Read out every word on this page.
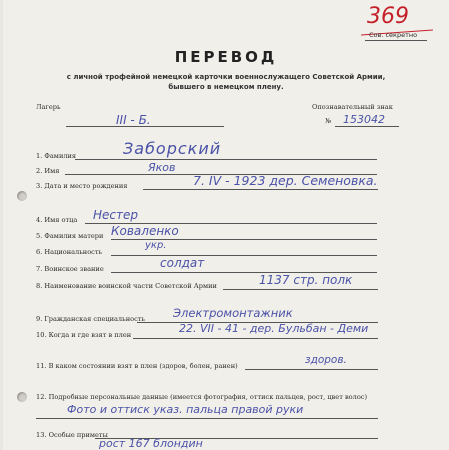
369
Сов. секретно
ПЕРЕВОД
с личной трофейной немецкой карточки военнослужащего Советской Армии,
бывшего в немецком плену.
Лагерь
III - Б.
Опознавательный знак
№ 153042
1. Фамилия	Заборский
2. Имя	Яков
3. Дата и место рождения	7. IV - 1923 дер. Семеновка.
4. Имя отца Нестер
5. Фамилия матери Коваленко
6. Национальность
укр.
7. Воинское звание	солдат
8. Наименование воинской части Советской Армии	1137 стр. полк
9. Гражданская специальность Электромонтажник
10. Когда и где взят в плен	22. VII - 41 - дер. Бульбан - Деми
11. В каком состоянии взят в плен (здоров, болен, ранен)	здоров.
12. Подробные персональные данные (имеется фотография, оттиск пальцев, рост, цвет волос)
Фото и оттиск указ. пальца правой руки
13. Особые приметы
рост 167 блондин
